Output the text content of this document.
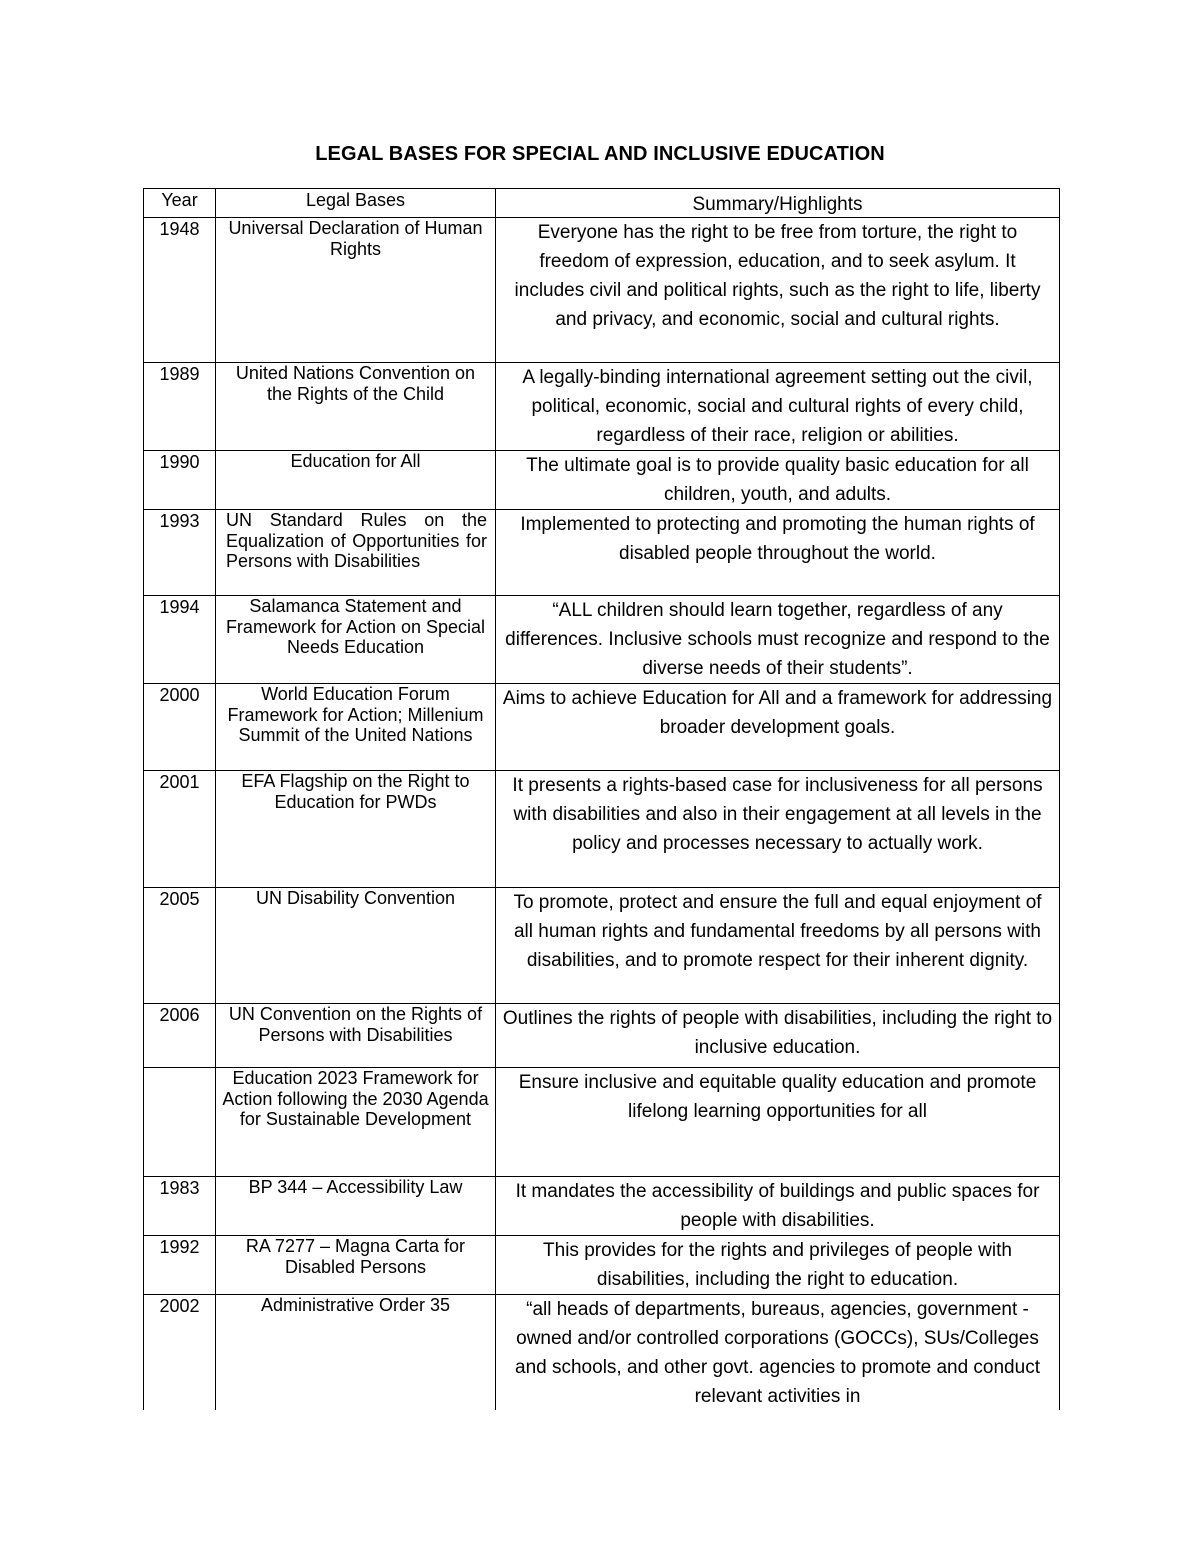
LEGAL BASES FOR SPECIAL AND INCLUSIVE EDUCATION
Year	Legal Bases	Summary/Highlights
1948	Universal Declaration of Human Rights	Everyone has the right to be free from torture, the right to freedom of expression, education, and to seek asylum. It includes civil and political rights, such as the right to life, liberty and privacy, and economic, social and cultural rights.
1989	United Nations Convention on the Rights of the Child	A legally-binding international agreement setting out the civil, political, economic, social and cultural rights of every child, regardless of their race, religion or abilities.
1990	Education for All	The ultimate goal is to provide quality basic education for all children, youth, and adults.
1993	UN Standard Rules on the Equalization of Opportunities for Persons with Disabilities	Implemented to protecting and promoting the human rights of disabled people throughout the world.
1994	Salamanca Statement and Framework for Action on Special Needs Education	“ALL children should learn together, regardless of any differences. Inclusive schools must recognize and respond to the diverse needs of their students”.
2000	World Education Forum Framework for Action; Millenium Summit of the United Nations	Aims to achieve Education for All and a framework for addressing broader development goals.
2001	EFA Flagship on the Right to Education for PWDs	It presents a rights-based case for inclusiveness for all persons with disabilities and also in their engagement at all levels in the policy and processes necessary to actually work.
2005	UN Disability Convention	To promote, protect and ensure the full and equal enjoyment of all human rights and fundamental freedoms by all persons with disabilities, and to promote respect for their inherent dignity.
2006	UN Convention on the Rights of Persons with Disabilities	Outlines the rights of people with disabilities, including the right to inclusive education.
	Education 2023 Framework for Action following the 2030 Agenda for Sustainable Development	Ensure inclusive and equitable quality education and promote lifelong learning opportunities for all
1983	BP 344 – Accessibility Law	It mandates the accessibility of buildings and public spaces for people with disabilities.
1992	RA 7277 – Magna Carta for Disabled Persons	This provides for the rights and privileges of people with disabilities, including the right to education.
2002	Administrative Order 35	“all heads of departments, bureaus, agencies, government -owned and/or controlled corporations (GOCCs), SUs/Colleges and schools, and other govt. agencies to promote and conduct relevant activities in
